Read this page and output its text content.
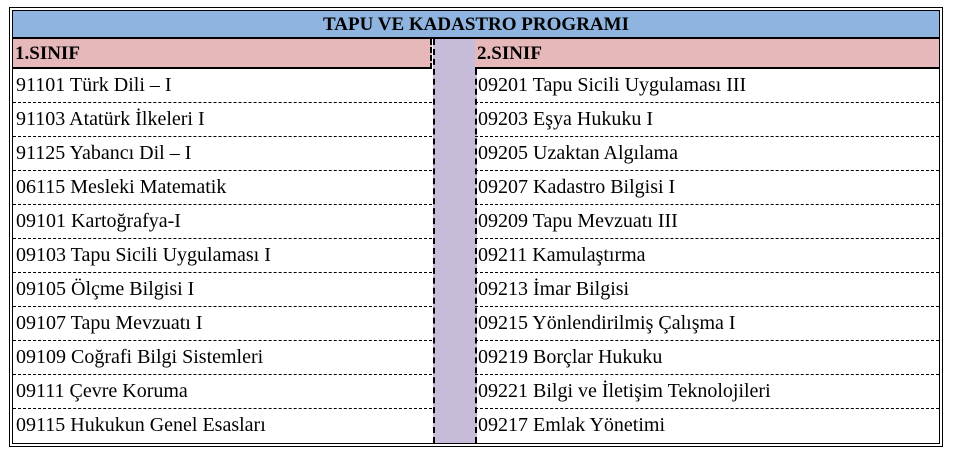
TAPU VE KADASTRO PROGRAMI
1.SINIF
91101 Türk Dili – I
91103 Atatürk İlkeleri I
91125 Yabancı Dil – I
06115 Mesleki Matematik
09101 Kartoğrafya-I
09103 Tapu Sicili Uygulaması I
09105 Ölçme Bilgisi I
09107 Tapu Mevzuatı I
09109 Coğrafi Bilgi Sistemleri
09111 Çevre Koruma
09115 Hukukun Genel Esasları
2.SINIF
09201 Tapu Sicili Uygulaması III
09203 Eşya Hukuku I
09205 Uzaktan Algılama
09207 Kadastro Bilgisi I
09209 Tapu Mevzuatı III
09211 Kamulaştırma
09213 İmar Bilgisi
09215 Yönlendirilmiş Çalışma I
09219 Borçlar Hukuku
09221 Bilgi ve İletişim Teknolojileri
09217 Emlak Yönetimi
